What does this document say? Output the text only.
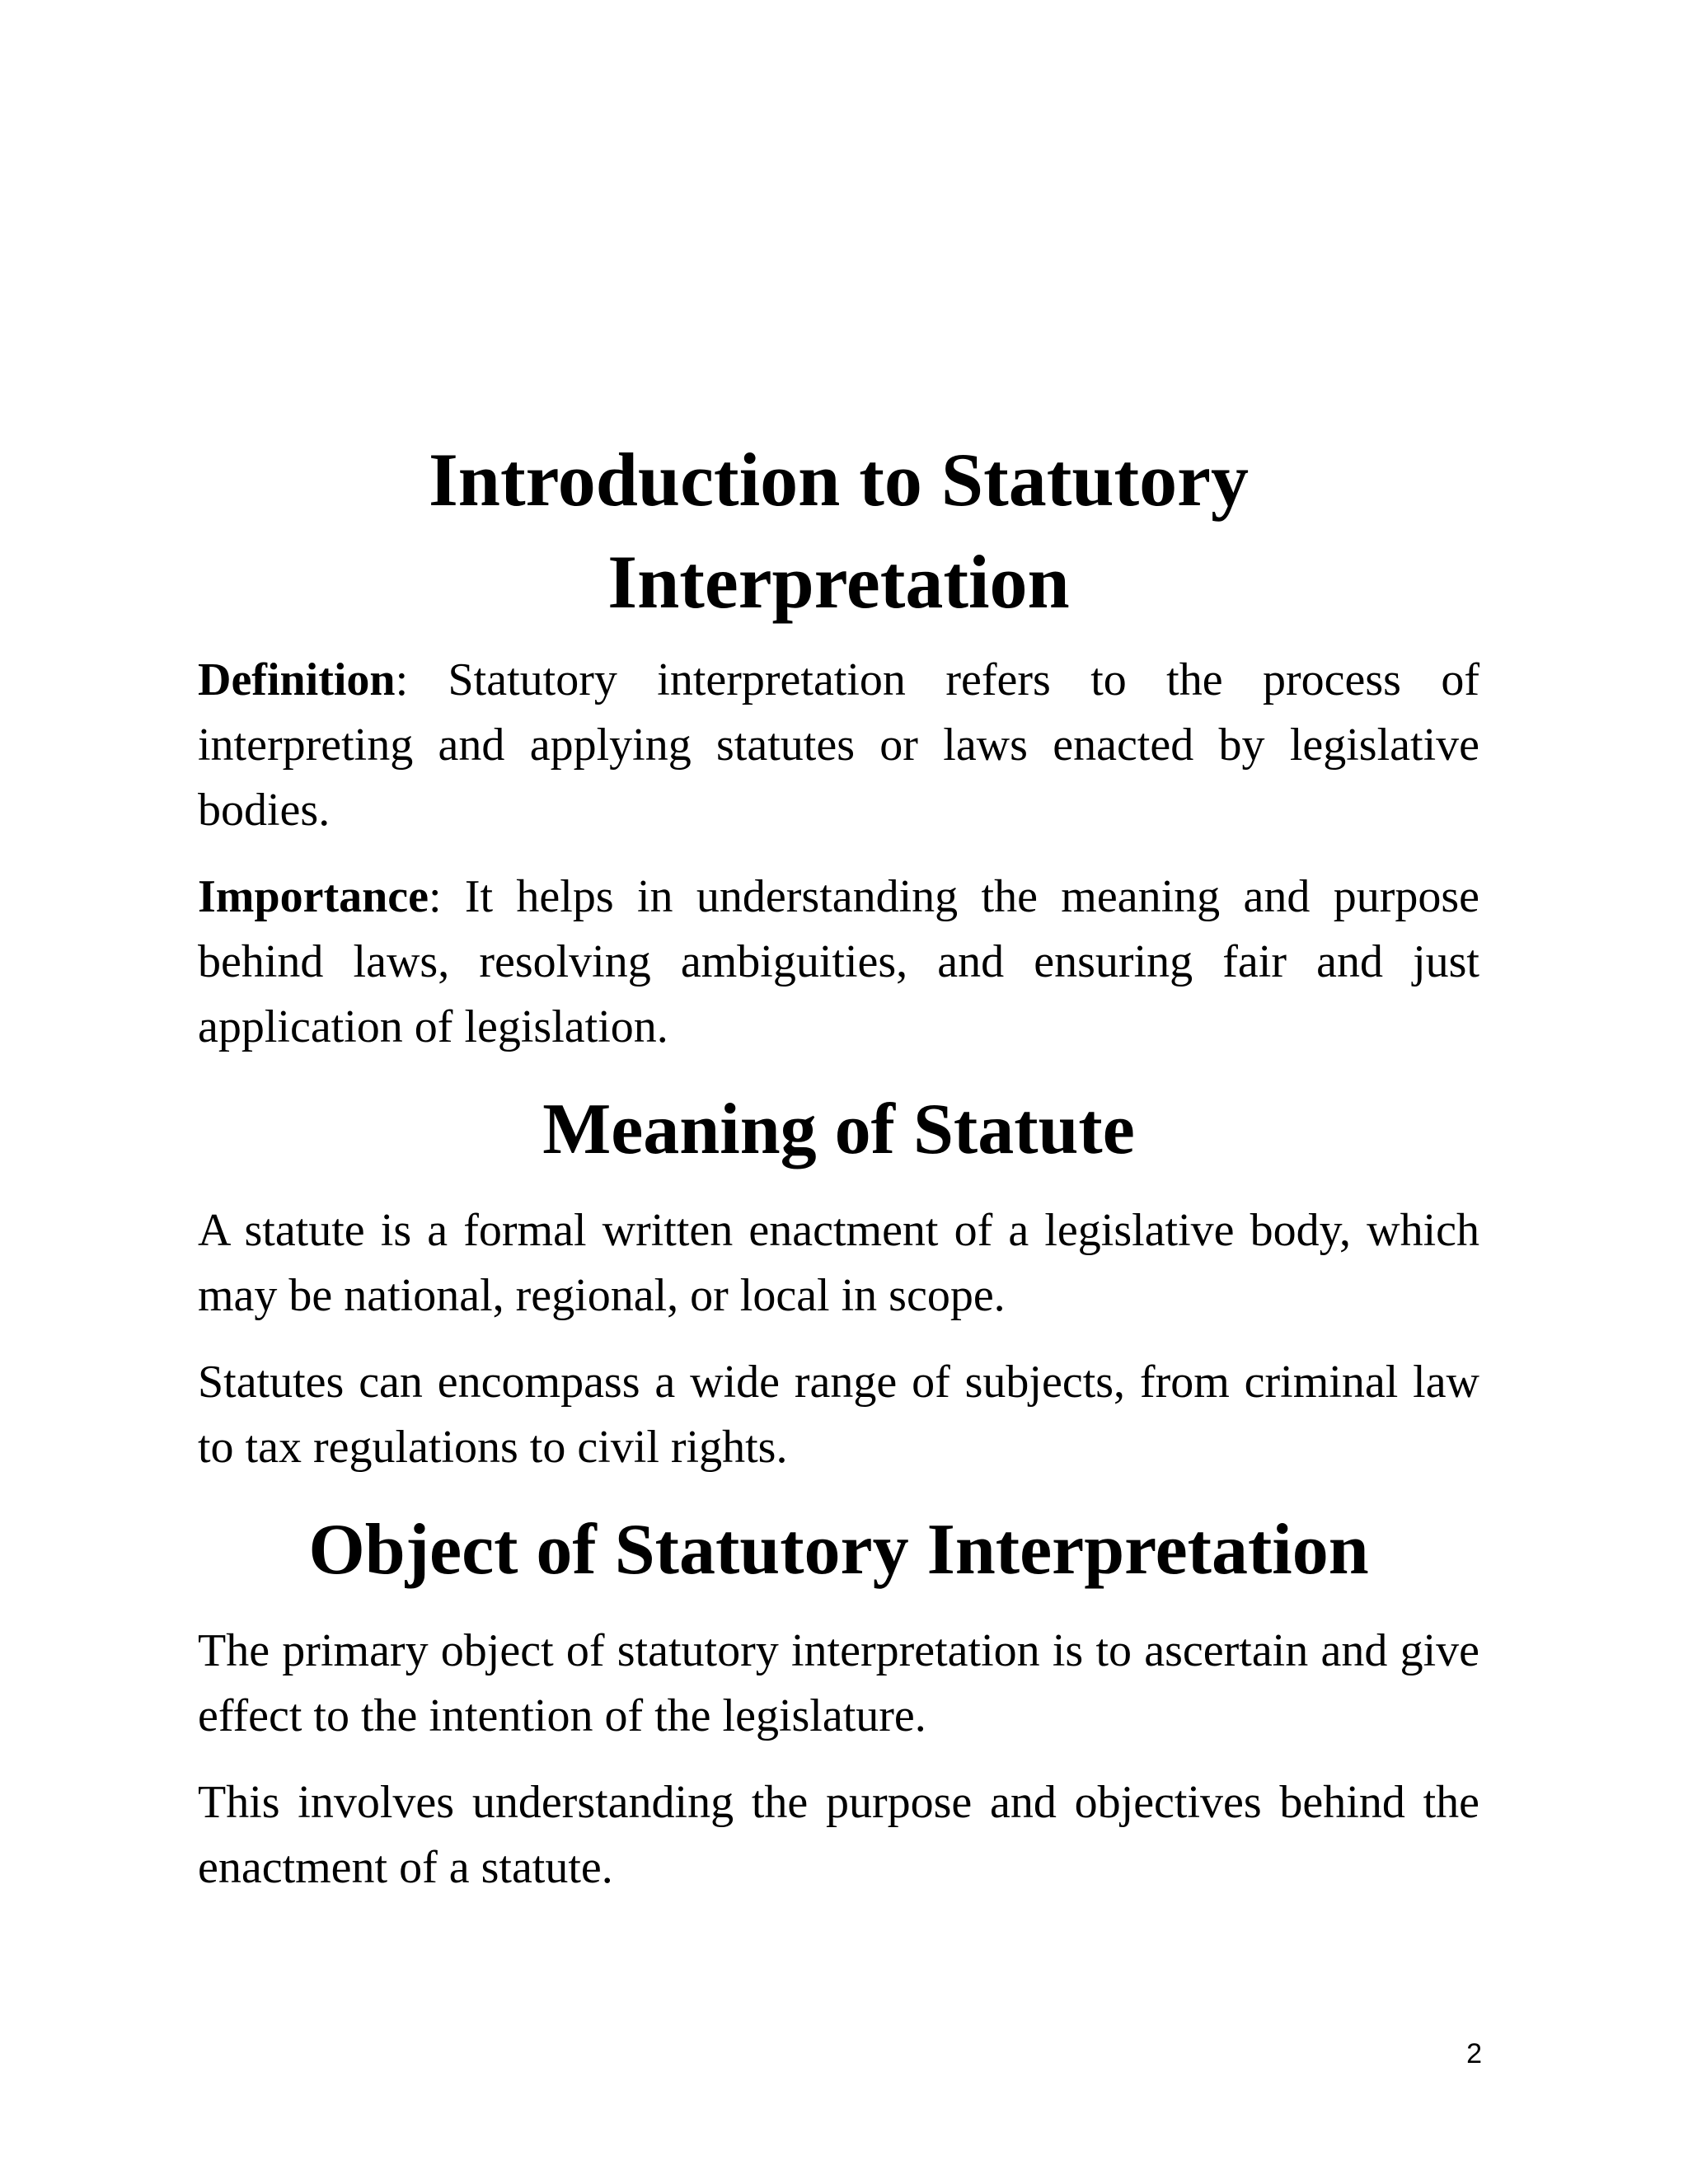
Introduction to Statutory Interpretation

Definition: Statutory interpretation refers to the process of interpreting and applying statutes or laws enacted by legislative bodies.

Importance: It helps in understanding the meaning and purpose behind laws, resolving ambiguities, and ensuring fair and just application of legislation.

Meaning of Statute

A statute is a formal written enactment of a legislative body, which may be national, regional, or local in scope.

Statutes can encompass a wide range of subjects, from criminal law to tax regulations to civil rights.

Object of Statutory Interpretation

The primary object of statutory interpretation is to ascertain and give effect to the intention of the legislature.

This involves understanding the purpose and objectives behind the enactment of a statute.

2
